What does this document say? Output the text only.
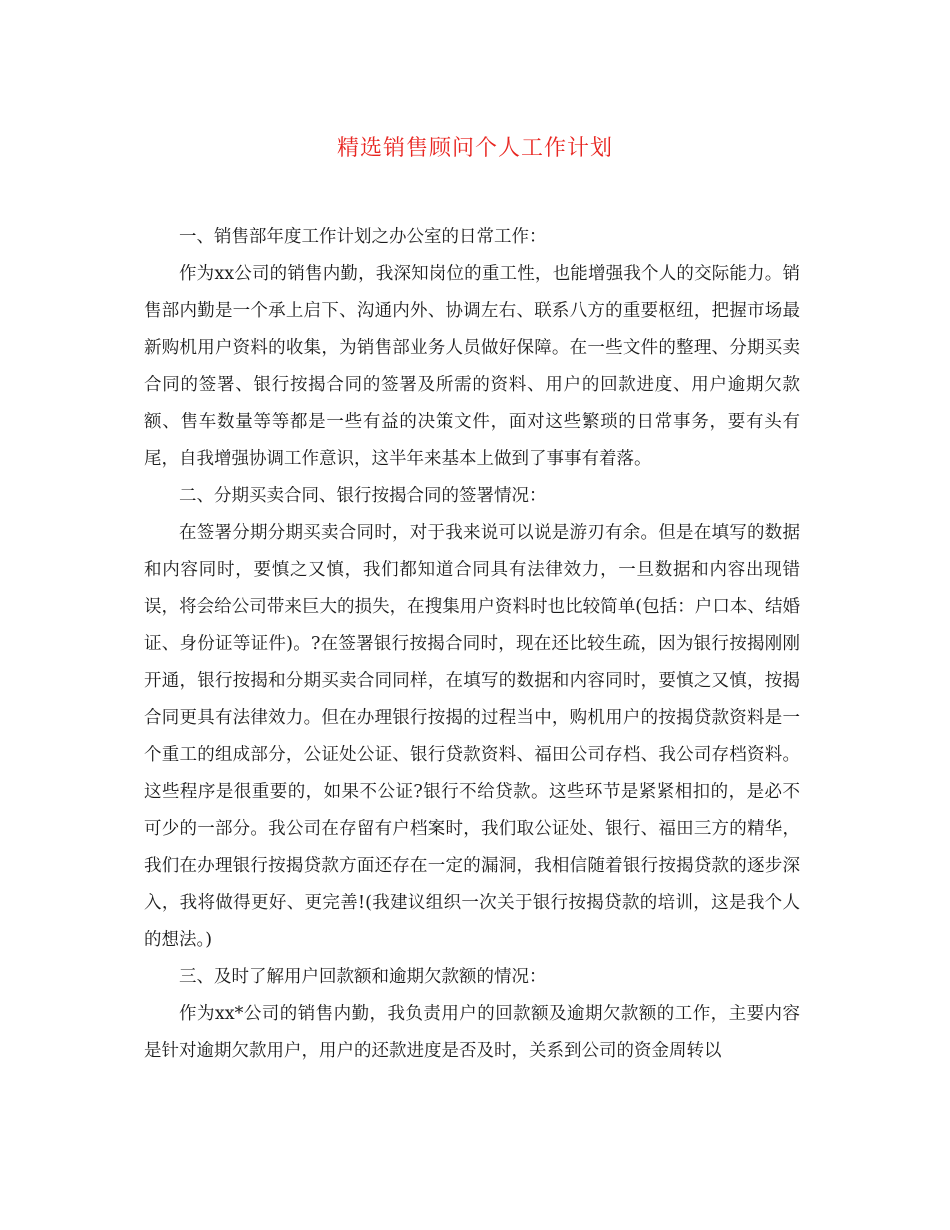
精选销售顾问个人工作计划

一、销售部年度工作计划之办公室的日常工作：

作为xx公司的销售内勤，我深知岗位的重工性，也能增强我个人的交际能力。销售部内勤是一个承上启下、沟通内外、协调左右、联系八方的重要枢纽，把握市场最新购机用户资料的收集，为销售部业务人员做好保障。在一些文件的整理、分期买卖合同的签署、银行按揭合同的签署及所需的资料、用户的回款进度、用户逾期欠款额、售车数量等等都是一些有益的决策文件，面对这些繁琐的日常事务，要有头有尾，自我增强协调工作意识，这半年来基本上做到了事事有着落。

二、分期买卖合同、银行按揭合同的签署情况：

在签署分期分期买卖合同时，对于我来说可以说是游刃有余。但是在填写的数据和内容同时，要慎之又慎，我们都知道合同具有法律效力，一旦数据和内容出现错误，将会给公司带来巨大的损失，在搜集用户资料时也比较简单(包括：户口本、结婚证、身份证等证件)。?在签署银行按揭合同时，现在还比较生疏，因为银行按揭刚刚开通，银行按揭和分期买卖合同同样，在填写的数据和内容同时，要慎之又慎，按揭合同更具有法律效力。但在办理银行按揭的过程当中，购机用户的按揭贷款资料是一个重工的组成部分，公证处公证、银行贷款资料、福田公司存档、我公司存档资料。这些程序是很重要的，如果不公证?银行不给贷款。这些环节是紧紧相扣的，是必不可少的一部分。我公司在存留有户档案时，我们取公证处、银行、福田三方的精华，我们在办理银行按揭贷款方面还存在一定的漏洞，我相信随着银行按揭贷款的逐步深入，我将做得更好、更完善!(我建议组织一次关于银行按揭贷款的培训，这是我个人的想法。)

三、及时了解用户回款额和逾期欠款额的情况：

作为xx*公司的销售内勤，我负责用户的回款额及逾期欠款额的工作，主要内容是针对逾期欠款用户，用户的还款进度是否及时，关系到公司的资金周转以
